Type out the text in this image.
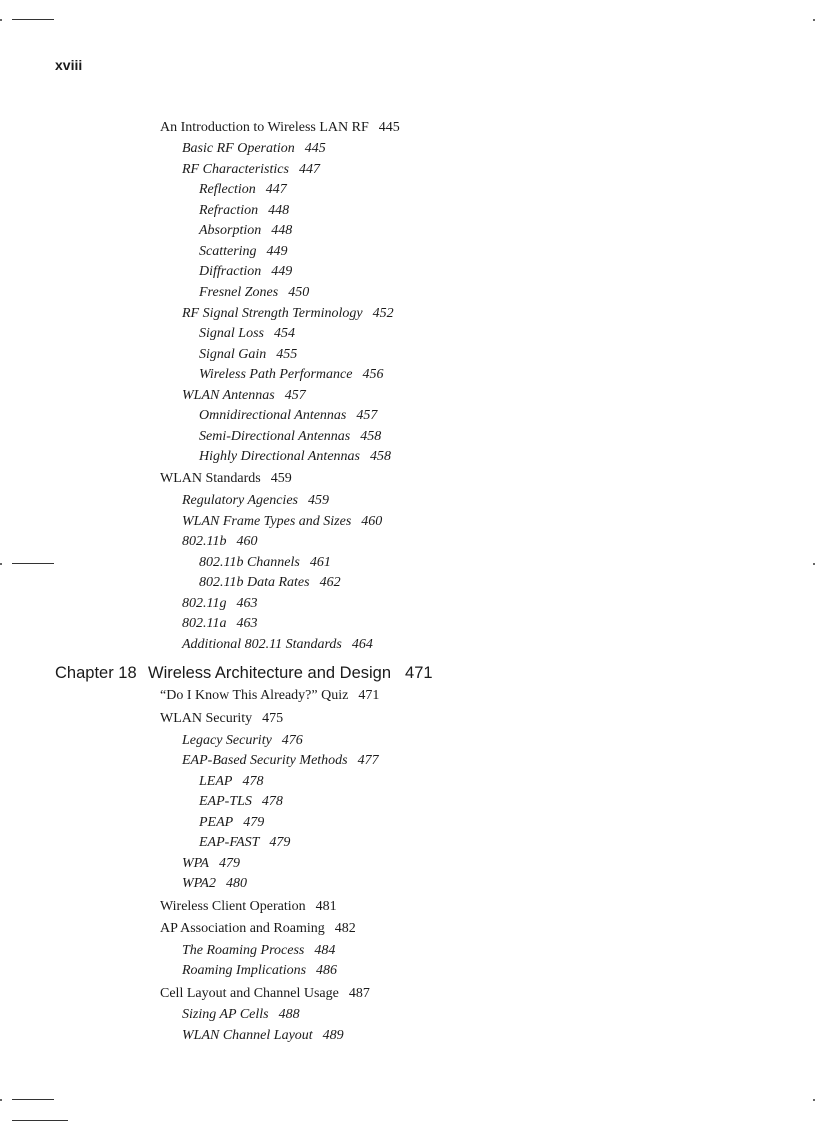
xviii
An Introduction to Wireless LAN RF 445
Basic RF Operation 445
RF Characteristics 447
Reflection 447
Refraction 448
Absorption 448
Scattering 449
Diffraction 449
Fresnel Zones 450
RF Signal Strength Terminology 452
Signal Loss 454
Signal Gain 455
Wireless Path Performance 456
WLAN Antennas 457
Omnidirectional Antennas 457
Semi-Directional Antennas 458
Highly Directional Antennas 458
WLAN Standards 459
Regulatory Agencies 459
WLAN Frame Types and Sizes 460
802.11b 460
802.11b Channels 461
802.11b Data Rates 462
802.11g 463
802.11a 463
Additional 802.11 Standards 464
Chapter 18 Wireless Architecture and Design 471
“Do I Know This Already?” Quiz 471
WLAN Security 475
Legacy Security 476
EAP-Based Security Methods 477
LEAP 478
EAP-TLS 478
PEAP 479
EAP-FAST 479
WPA 479
WPA2 480
Wireless Client Operation 481
AP Association and Roaming 482
The Roaming Process 484
Roaming Implications 486
Cell Layout and Channel Usage 487
Sizing AP Cells 488
WLAN Channel Layout 489
